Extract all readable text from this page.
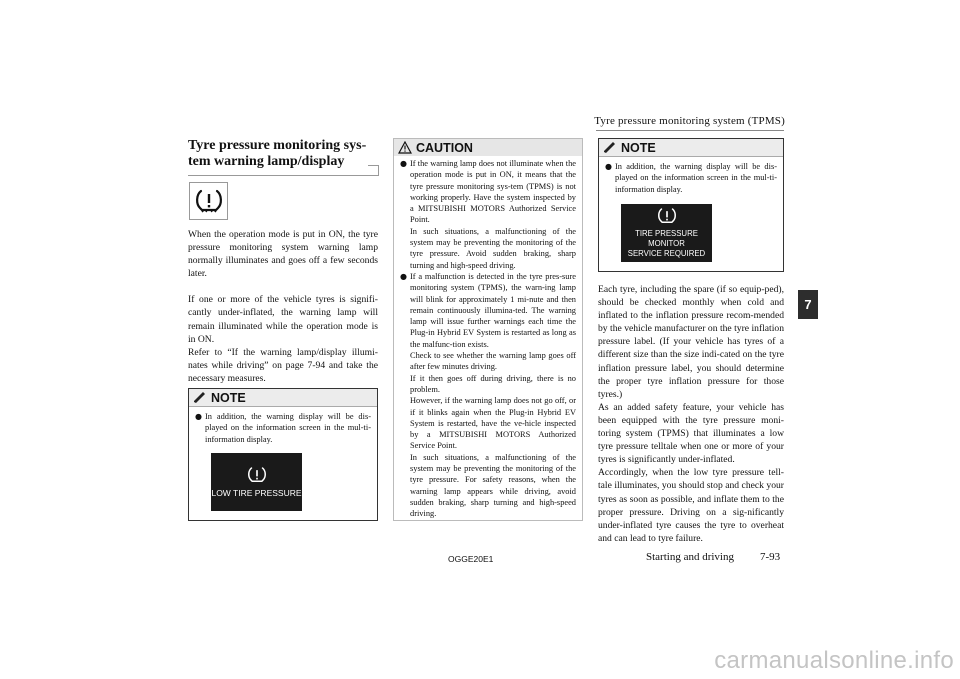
Tyre pressure monitoring system (TPMS)

Tyre pressure monitoring sys-

tem warning lamp/display

When the operation mode is put in ON, the tyre pressure monitoring system warning lamp normally illuminates and goes off a few seconds later.

If one or more of the vehicle tyres is signifi-cantly under-inflated, the warning lamp will remain illuminated while the operation mode is in ON.

Refer to “If the warning lamp/display illumi-nates while driving” on page 7-94 and take the necessary measures.

NOTE
● In addition, the warning display will be dis-played on the information screen in the mul-ti-information display.

LOW TIRE PRESSURE
CAUTION
● If the warning lamp does not illuminate when the operation mode is put in ON, it means that the tyre pressure monitoring sys-tem (TPMS) is not working properly. Have the system inspected by a MITSUBISHI MOTORS Authorized Service Point.

In such situations, a malfunctioning of the system may be preventing the monitoring of the tyre pressure. Avoid sudden braking, sharp turning and high-speed driving.

● If a malfunction is detected in the tyre pres-sure monitoring system (TPMS), the warn-ing lamp will blink for approximately 1 mi-nute and then remain continuously illumina-ted. The warning lamp will issue further warnings each time the Plug-in Hybrid EV System is restarted as long as the malfunc-tion exists.

Check to see whether the warning lamp goes off after few minutes driving.

If it then goes off during driving, there is no problem.

However, if the warning lamp does not go off, or if it blinks again when the Plug-in Hybrid EV System is restarted, have the ve-hicle inspected by a MITSUBISHI MOTORS Authorized Service Point.

In such situations, a malfunctioning of the system may be preventing the monitoring of the tyre pressure. For safety reasons, when the warning lamp appears while driving, avoid sudden braking, sharp turning and high-speed driving.

NOTE
● In addition, the warning display will be dis-played on the information screen in the mul-ti-information display.

TIRE PRESSURE MONITOR
SERVICE REQUIRED

Each tyre, including the spare (if so equip-ped), should be checked monthly when cold and inflated to the inflation pressure recom-mended by the vehicle manufacturer on the tyre inflation pressure label. (If your vehicle has tyres of a different size than the size indi-cated on the tyre inflation pressure label, you should determine the proper tyre inflation pressure for those tyres.)

As an added safety feature, your vehicle has been equipped with the tyre pressure moni-toring system (TPMS) that illuminates a low tyre pressure telltale when one or more of your tyres is significantly under-inflated.

Accordingly, when the low tyre pressure tell-tale illuminates, you should stop and check your tyres as soon as possible, and inflate them to the proper pressure. Driving on a sig-nificantly under-inflated tyre causes the tyre to overheat and can lead to tyre failure.

7
OGGE20E1	Starting and driving 7-93
carmanualsonline.info
